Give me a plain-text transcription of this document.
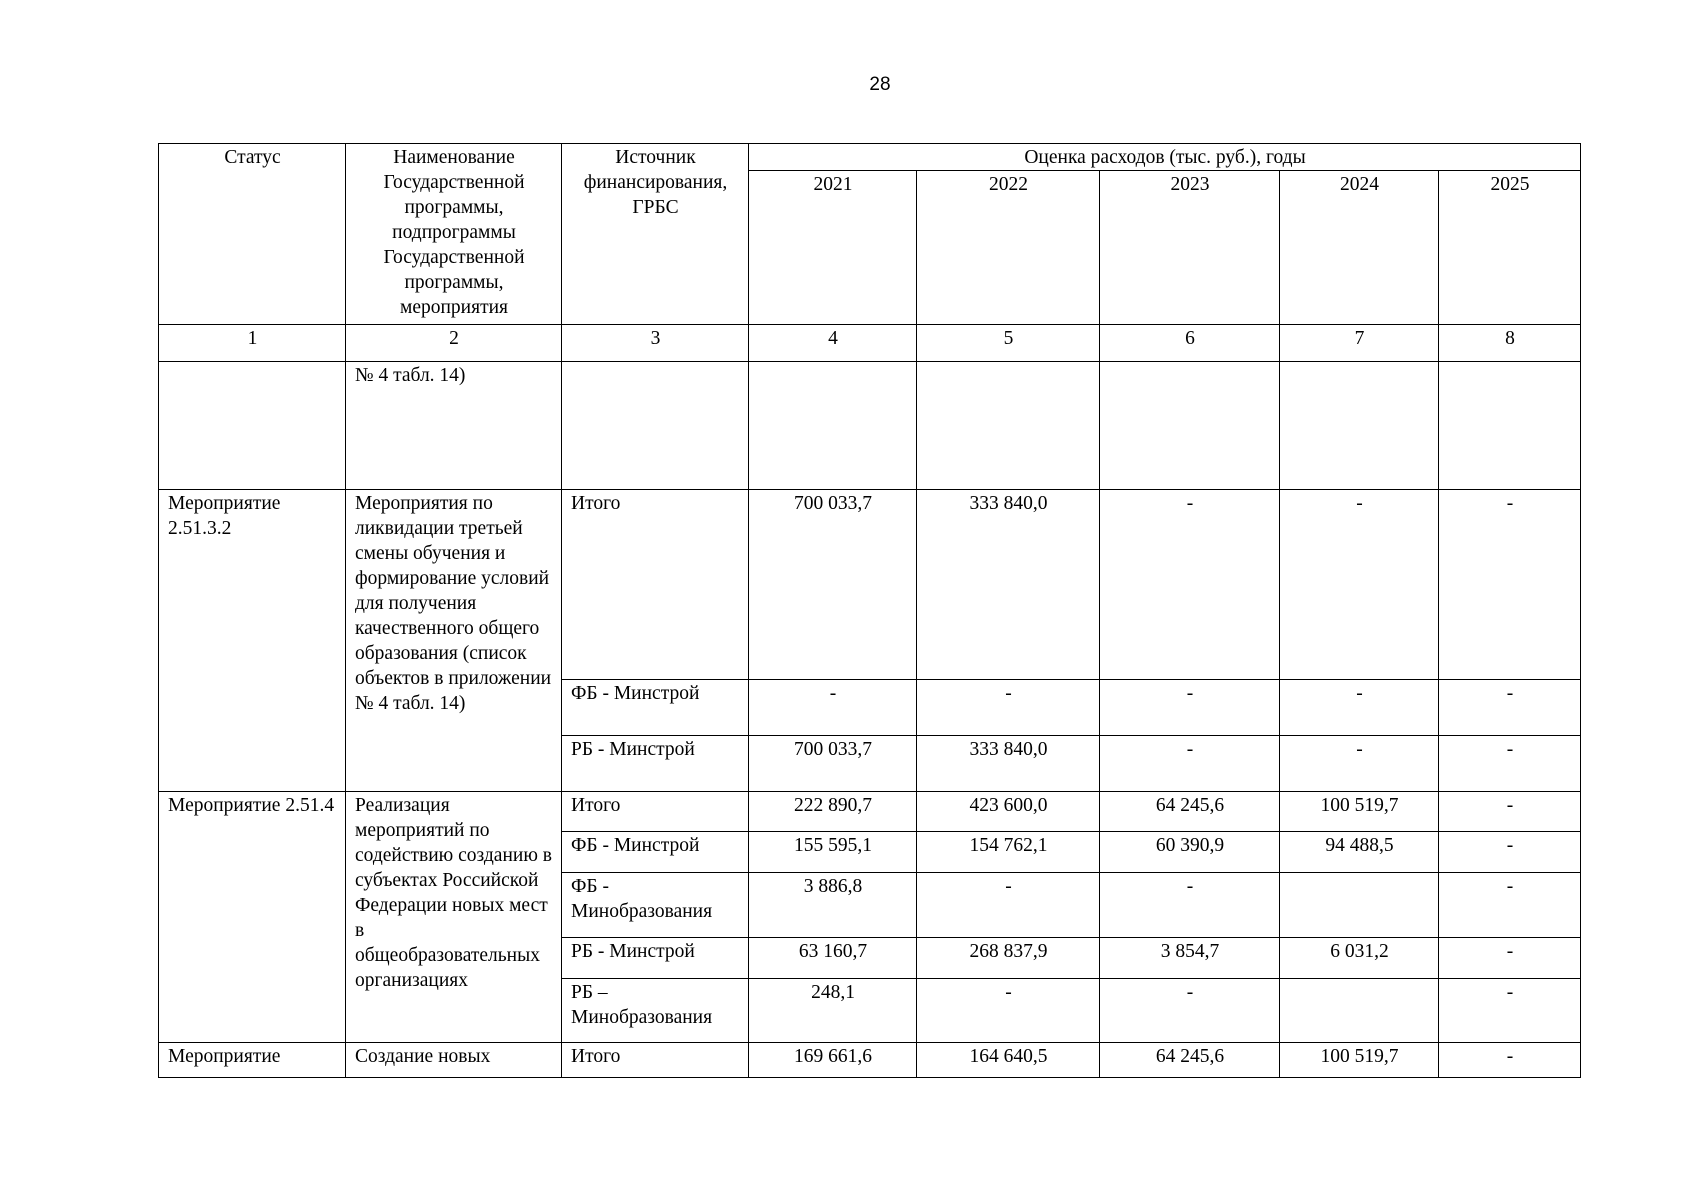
28
Статус	Наименование Государственной программы, подпрограммы Государственной программы, мероприятия	Источник финансирования, ГРБС	Оценка расходов (тыс. руб.), годы				
			2021	2022	2023	2024	2025
1	2	3	4	5	6	7	8
	№ 4 табл. 14)						
Мероприятие 2.51.3.2	Мероприятия по ликвидации третьей смены обучения и формирование условий для получения качественного общего образования (список объектов в приложении № 4 табл. 14)	Итого	700 033,7	333 840,0	-	-	-
		ФБ - Минстрой	-	-	-	-	-
		РБ - Минстрой	700 033,7	333 840,0	-	-	-
Мероприятие 2.51.4	Реализация мероприятий по содействию созданию в субъектах Российской Федерации новых мест в общеобразовательных организациях	Итого	222 890,7	423 600,0	64 245,6	100 519,7	-
		ФБ - Минстрой	155 595,1	154 762,1	60 390,9	94 488,5	-
		ФБ - Минобразования	3 886,8	-	-		-
		РБ - Минстрой	63 160,7	268 837,9	3 854,7	6 031,2	-
		РБ – Минобразования	248,1	-	-		-
Мероприятие	Создание новых	Итого	169 661,6	164 640,5	64 245,6	100 519,7	-
